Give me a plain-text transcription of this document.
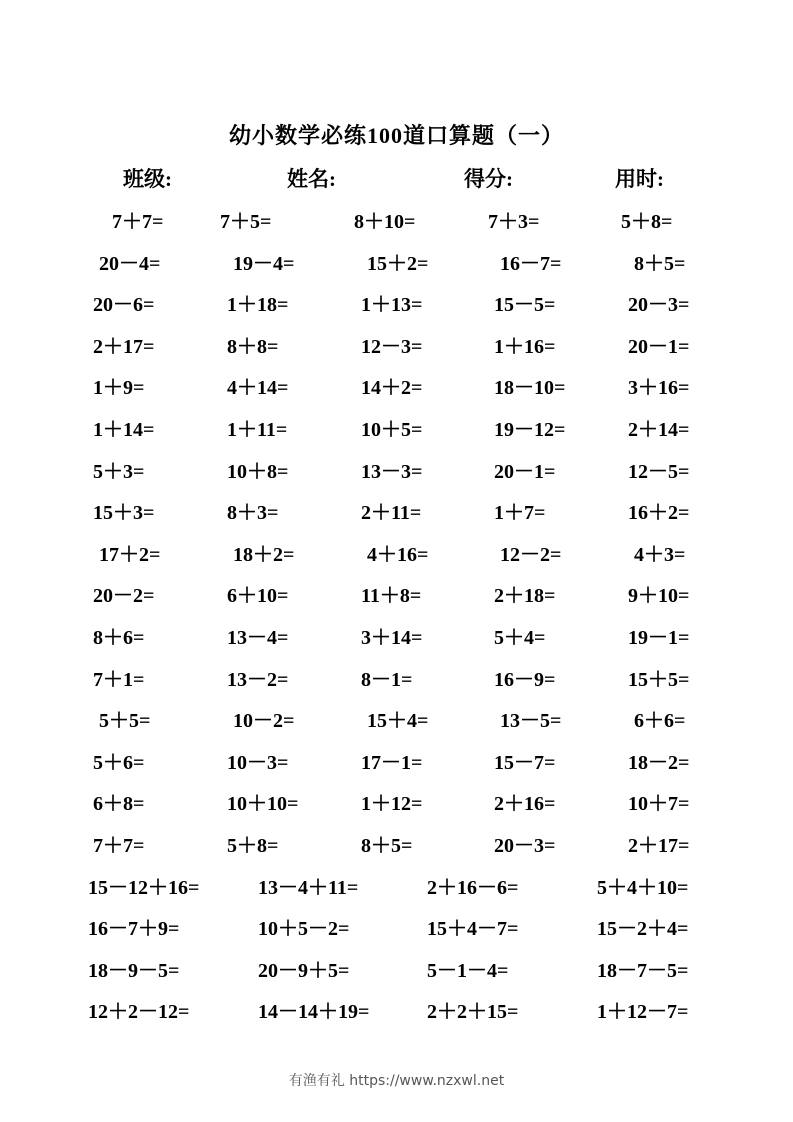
幼小数学必练100道口算题（一）
班级:	姓名:	得分:	用时:
7＋7=	7＋5=	8＋10=	7＋3=	5＋8=
20－4=	19－4=	15＋2=	16－7=	8＋5=
20－6=	1＋18=	1＋13=	15－5=	20－3=
2＋17=	8＋8=	12－3=	1＋16=	20－1=
1＋9=	4＋14=	14＋2=	18－10=	3＋16=
1＋14=	1＋11=	10＋5=	19－12=	2＋14=
5＋3=	10＋8=	13－3=	20－1=	12－5=
15＋3=	8＋3=	2＋11=	1＋7=	16＋2=
17＋2=	18＋2=	4＋16=	12－2=	4＋3=
20－2=	6＋10=	11＋8=	2＋18=	9＋10=
8＋6=	13－4=	3＋14=	5＋4=	19－1=
7＋1=	13－2=	8－1=	16－9=	15＋5=
5＋5=	10－2=	15＋4=	13－5=	6＋6=
5＋6=	10－3=	17－1=	15－7=	18－2=
6＋8=	10＋10=	1＋12=	2＋16=	10＋7=
7＋7=	5＋8=	8＋5=	20－3=	2＋17=
15－12＋16=	13－4＋11=	2＋16－6=	5＋4＋10=
16－7＋9=	10＋5－2=	15＋4－7=	15－2＋4=
18－9－5=	20－9＋5=	5－1－4=	18－7－5=
12＋2－12=	14－14＋19=	2＋2＋15=	1＋12－7=
有渔有礼 https://www.nzxwl.net
